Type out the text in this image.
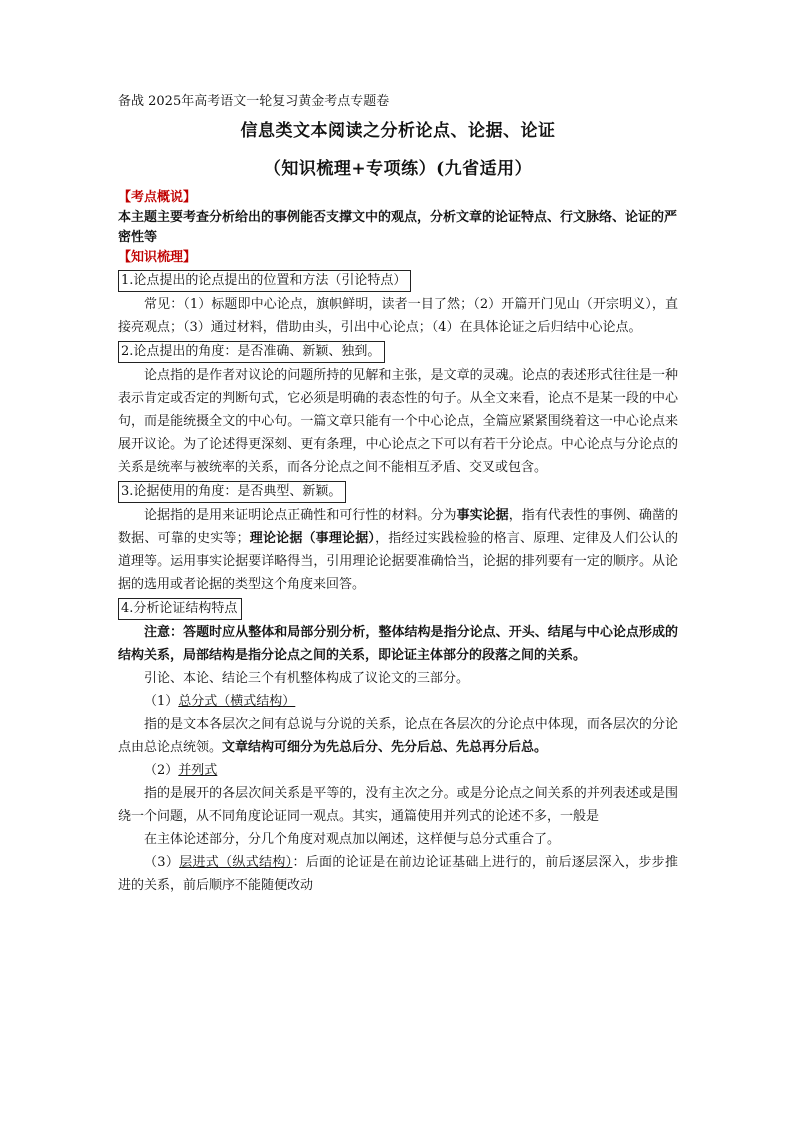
备战 2025年高考语文一轮复习黄金考点专题卷

信息类文本阅读之分析论点、论据、论证
（知识梳理+专项练）(九省适用）

【考点概说】

本主题主要考查分析给出的事例能否支撑文中的观点，分析文章的论证特点、行文脉络、论证的严密性等

【知识梳理】

1.论点提出的论点提出的位置和方法（引论特点）

常见：（1）标题即中心论点，旗帜鲜明，读者一目了然；（2）开篇开门见山（开宗明义），直接亮观点；（3）通过材料，借助由头，引出中心论点；（4）在具体论证之后归结中心论点。

2.论点提出的角度：是否准确、新颖、独到。

论点指的是作者对议论的问题所持的见解和主张，是文章的灵魂。论点的表述形式往往是一种表示肯定或否定的判断句式，它必须是明确的表态性的句子。从全文来看，论点不是某一段的中心句，而是能统摄全文的中心句。一篇文章只能有一个中心论点，全篇应紧紧围绕着这一中心论点来展开议论。为了论述得更深刻、更有条理，中心论点之下可以有若干分论点。中心论点与分论点的关系是统率与被统率的关系，而各分论点之间不能相互矛盾、交叉或包含。

3.论据使用的角度：是否典型、新颖。

论据指的是用来证明论点正确性和可行性的材料。分为事实论据，指有代表性的事例、确凿的数据、可靠的史实等；理论论据（事理论据），指经过实践检验的格言、原理、定律及人们公认的道理等。运用事实论据要详略得当，引用理论论据要准确恰当，论据的排列要有一定的顺序。从论据的选用或者论据的类型这个角度来回答。

4.分析论证结构特点

注意：答题时应从整体和局部分别分析，整体结构是指分论点、开头、结尾与中心论点形成的结构关系，局部结构是指分论点之间的关系，即论证主体部分的段落之间的关系。

引论、本论、结论三个有机整体构成了议论文的三部分。

（1）总分式（横式结构）

指的是文本各层次之间有总说与分说的关系，论点在各层次的分论点中体现，而各层次的分论点由总论点统领。文章结构可细分为先总后分、先分后总、先总再分后总。

（2）并列式

指的是展开的各层次间关系是平等的，没有主次之分。或是分论点之间关系的并列表述或是围绕一个问题，从不同角度论证同一观点。其实，通篇使用并列式的论述不多，一般是

在主体论述部分，分几个角度对观点加以阐述，这样便与总分式重合了。

（3）层进式（纵式结构）：后面的论证是在前边论证基础上进行的，前后逐层深入，步步推进的关系，前后顺序不能随便改动
